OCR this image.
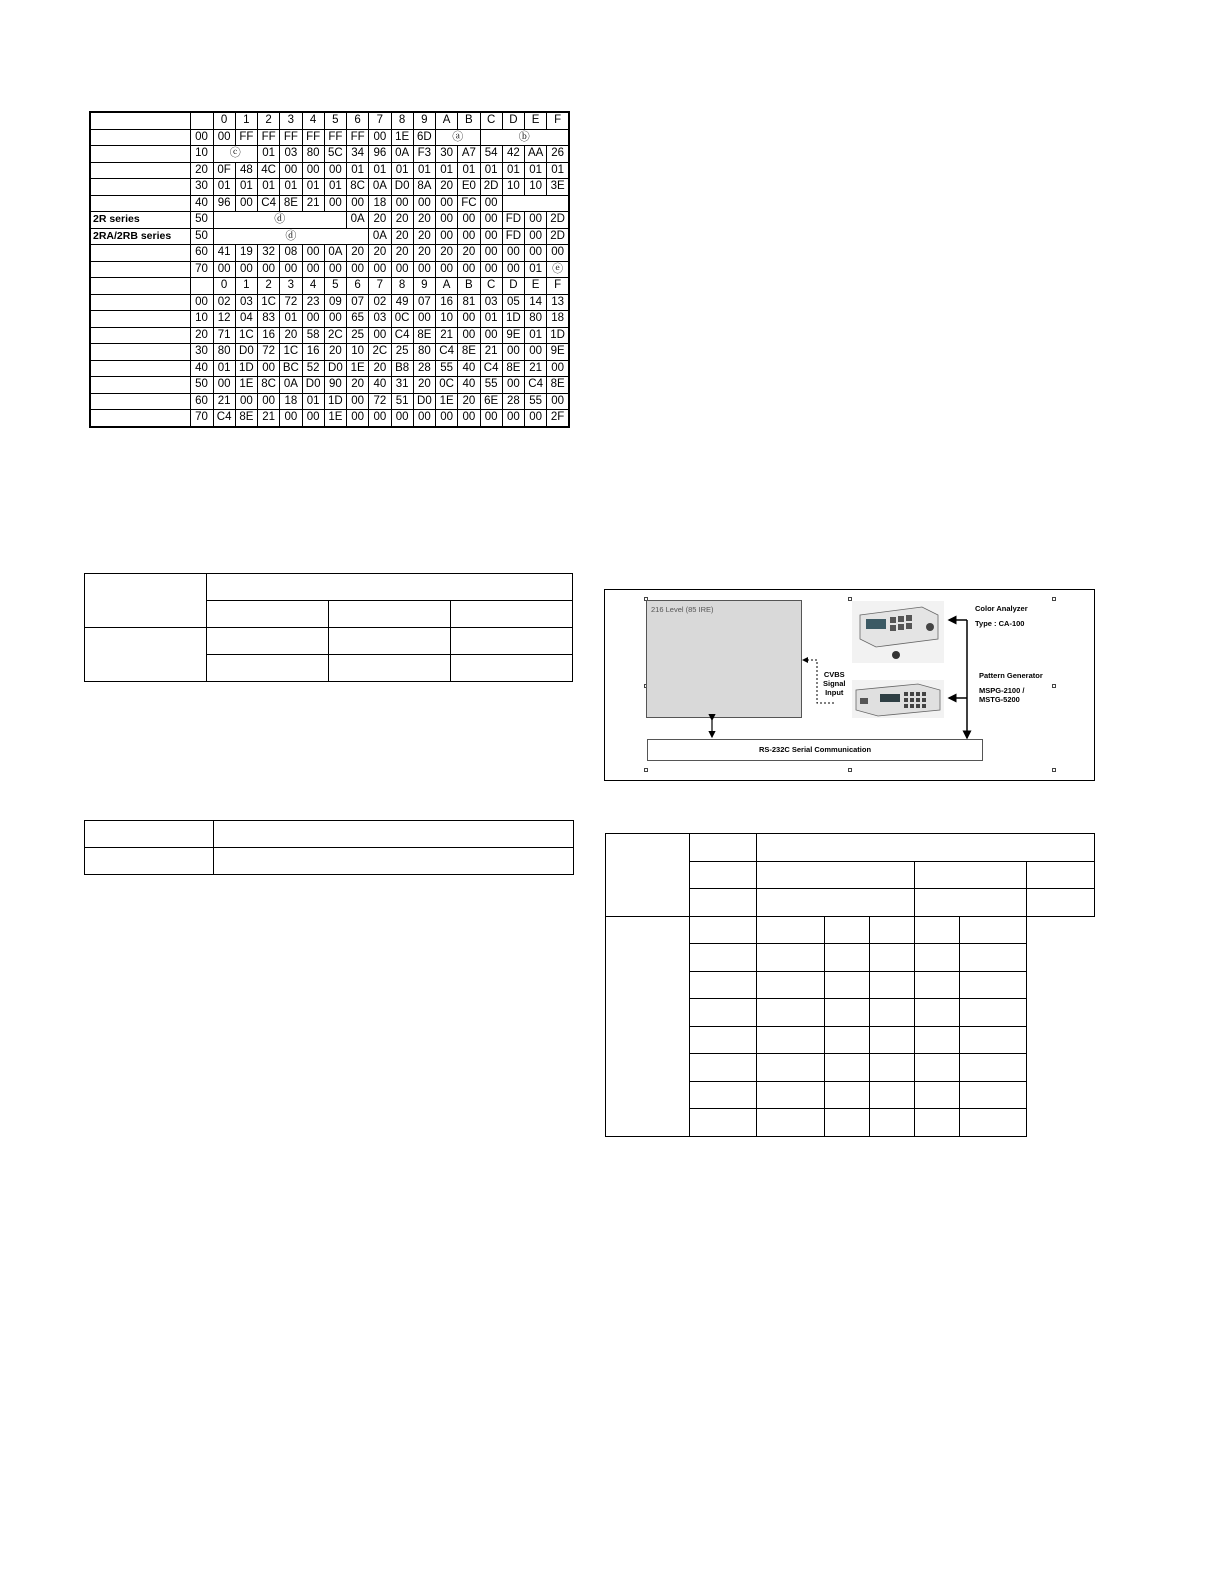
		0	1	2	3	4	5	6	7	8	9	A	B	C	D	E	F
	00	00	FF	FF	FF	FF	FF	FF	00	1E	6D	ⓐ		ⓑ			
	10	ⓒ		01	03	80	5C	34	96	0A	F3	30	A7	54	42	AA	26
	20	0F	48	4C	00	00	00	01	01	01	01	01	01	01	01	01	01
	30	01	01	01	01	01	01	8C	0A	D0	8A	20	E0	2D	10	10	3E
	40	96	00	C4	8E	21	00	00	18	00	00	00	FC	00			
2R series	50	ⓓ						0A	20	20	20	00	00	00	FD	00	2D
2RA/2RB series	50	ⓓ							0A	20	20	00	00	00	FD	00	2D
	60	41	19	32	08	00	0A	20	20	20	20	20	20	00	00	00	00
	70	00	00	00	00	00	00	00	00	00	00	00	00	00	00	01	ⓔ
		0	1	2	3	4	5	6	7	8	9	A	B	C	D	E	F
	00	02	03	1C	72	23	09	07	02	49	07	16	81	03	05	14	13
	10	12	04	83	01	00	00	65	03	0C	00	10	00	01	1D	80	18
	20	71	1C	16	20	58	2C	25	00	C4	8E	21	00	00	9E	01	1D
	30	80	D0	72	1C	16	20	10	2C	25	80	C4	8E	21	00	00	9E
	40	01	1D	00	BC	52	D0	1E	20	B8	28	55	40	C4	8E	21	00
	50	00	1E	8C	0A	D0	90	20	40	31	20	0C	40	55	00	C4	8E
	60	21	00	00	18	01	1D	00	72	51	D0	1E	20	6E	28	55	00
	70	C4	8E	21	00	00	1E	00	00	00	00	00	00	00	00	00	2F

216 Level (85 IRE)
CVBS
Signal
Input
Color Analyzer
Type : CA-100
Pattern Generator
MSPG-2100 /
MSTG-5200
RS-232C Serial Communication
